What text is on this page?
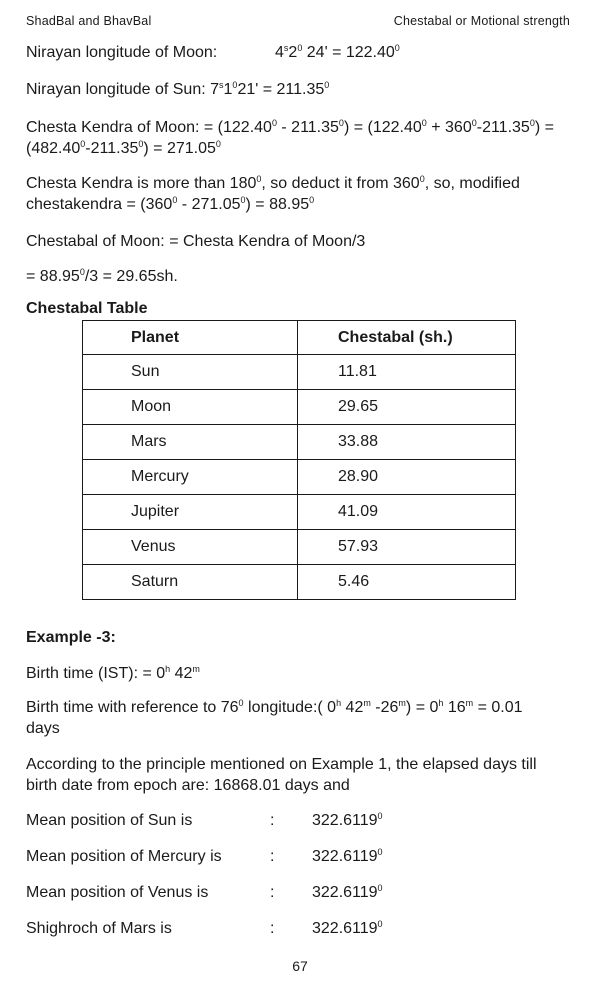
ShadBal and BhavBal	Chestabal or Motional strength
Nirayan longitude of Moon:	$4^s2^0$ $24' = 122.40^0$
Nirayan longitude of Sun: $7^s1^021' = 211.35^0$
Chesta Kendra of Moon: = $(122.40^0 - 211.35^0) = (122.40^0 + 360^0-211.35^0)$ =
$(482.40^0-211.35^0) = 271.05^0$
Chesta Kendra is more than $180^0$, so deduct it from $360^0$, so, modified
chestakendra = $(360^0 - 271.05^0) = 88.95^0$
Chestabal of Moon: = Chesta Kendra of Moon/3
= $88.95^0/3 = 29.65sh$.
Chestabal Table
Planet	Chestabal (sh.)
Sun	11.81
Moon	29.65
Mars	33.88
Mercury	28.90
Jupiter	41.09
Venus	57.93
Saturn	5.46
Example -3:
Birth time (IST): = $0^h$ 42$^m$
Birth time with reference to $76^0$ longitude:( 0$^h$ 42$^m$ $-26^m) = 0^h$ $16^m = 0.01$
days
According to the principle mentioned on Example 1, the elapsed days till
birth date from epoch are: 16868.01 days and
Mean position of Sun is	: 322.6119$^0$
Mean position of Mercury is	: 322.6119$^0$
Mean position of Venus is	: 322.6119$^0$
Shighroch of Mars is	: 322.6119$^0$
67
